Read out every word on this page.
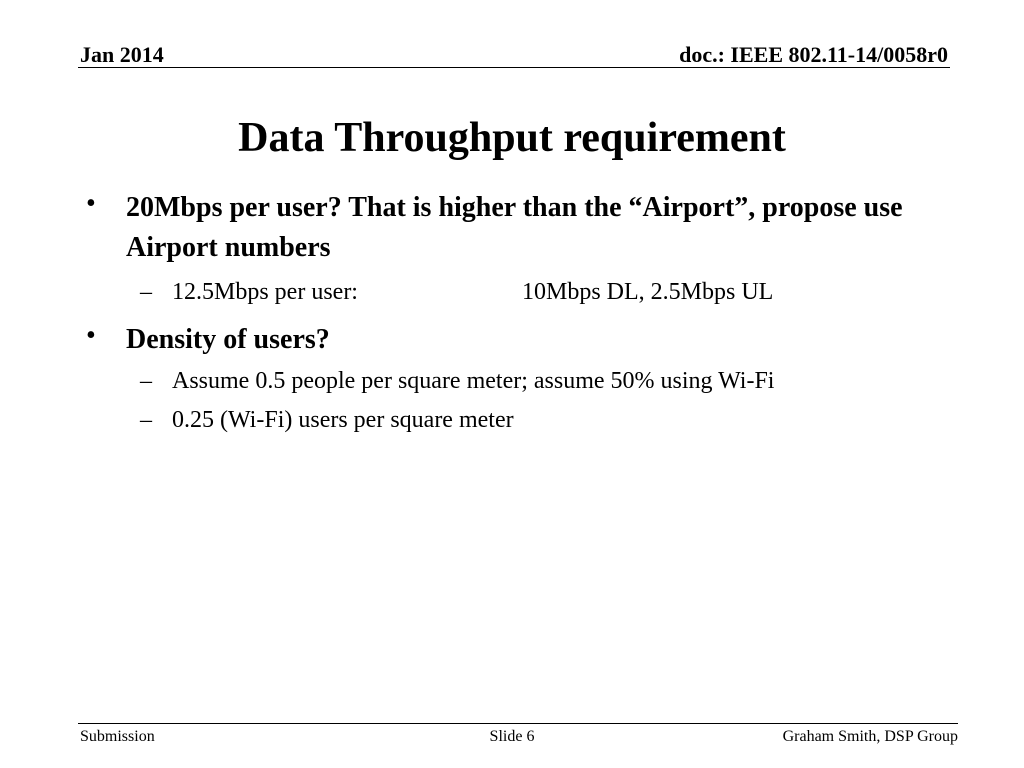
Jan 2014	doc.: IEEE 802.11-14/0058r0
Data Throughput requirement
• 20Mbps per user? That is higher than the “Airport”, propose use Airport numbers
– 12.5Mbps per user:	10Mbps DL, 2.5Mbps UL
• Density of users?
– Assume 0.5 people per square meter; assume 50% using Wi-Fi
– 0.25 (Wi-Fi) users per square meter
Submission	Slide 6	Graham Smith, DSP Group
